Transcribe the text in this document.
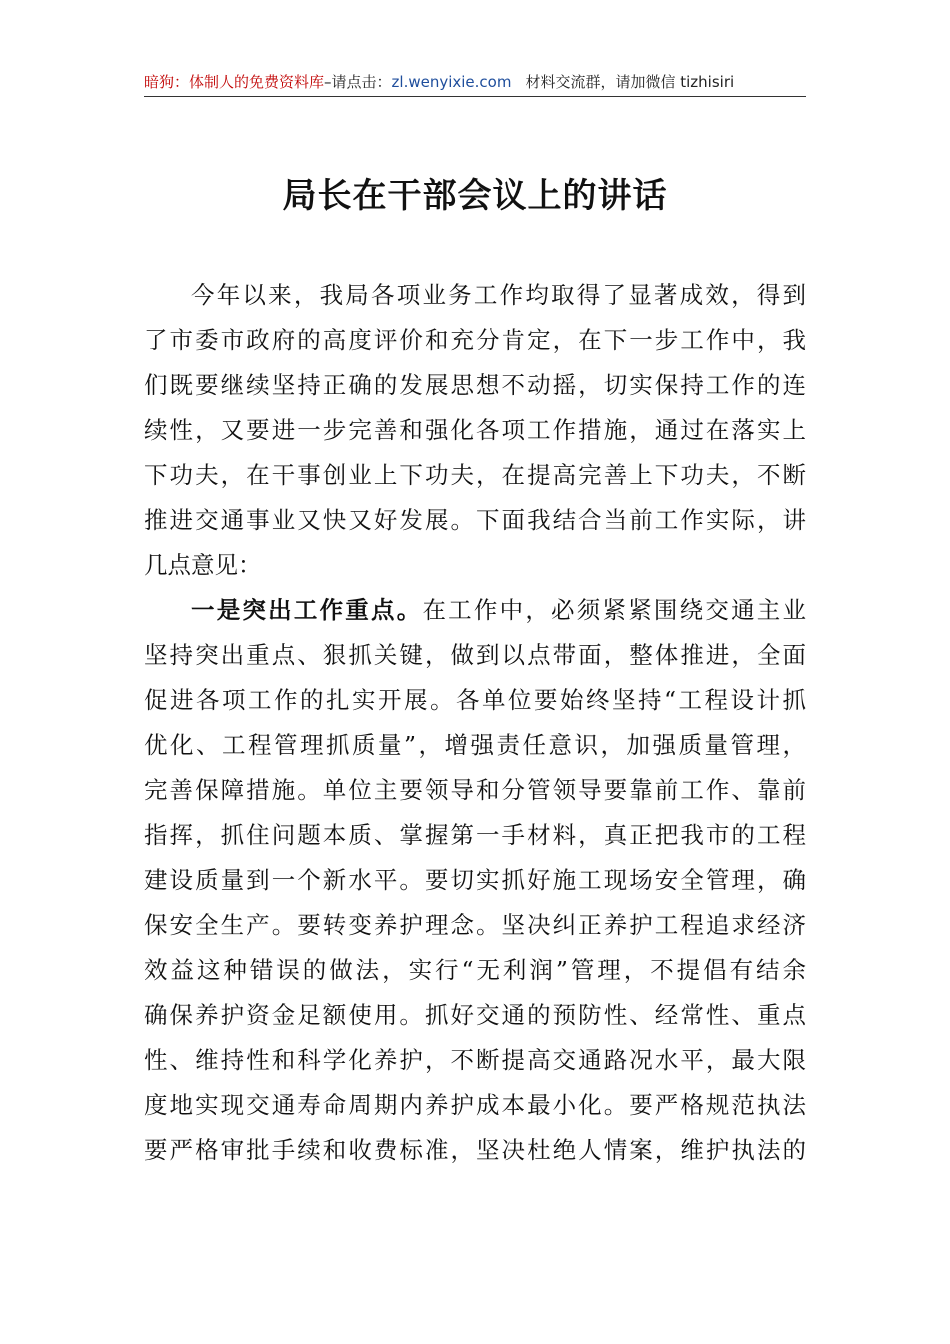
暗狗：体制人的免费资料库–请点击：zl.wenyixie.com 材料交流群，请加微信 tizhisiri
局长在干部会议上的讲话
今年以来，我局各项业务工作均取得了显著成效，得到
了市委市政府的高度评价和充分肯定，在下一步工作中，我
们既要继续坚持正确的发展思想不动摇，切实保持工作的连
续性，又要进一步完善和强化各项工作措施，通过在落实上
下功夫，在干事创业上下功夫，在提高完善上下功夫，不断
推进交通事业又快又好发展。下面我结合当前工作实际，讲
几点意见：
一是突出工作重点。在工作中，必须紧紧围绕交通主业
坚持突出重点、狠抓关键，做到以点带面，整体推进，全面
促进各项工作的扎实开展。各单位要始终坚持“工程设计抓
优化、工程管理抓质量”，增强责任意识，加强质量管理，
完善保障措施。单位主要领导和分管领导要靠前工作、靠前
指挥，抓住问题本质、掌握第一手材料，真正把我市的工程
建设质量到一个新水平。要切实抓好施工现场安全管理，确
保安全生产。要转变养护理念。坚决纠正养护工程追求经济
效益这种错误的做法，实行“无利润”管理，不提倡有结余
确保养护资金足额使用。抓好交通的预防性、经常性、重点
性、维持性和科学化养护，不断提高交通路况水平，最大限
度地实现交通寿命周期内养护成本最小化。要严格规范执法
要严格审批手续和收费标准，坚决杜绝人情案，维护执法的
